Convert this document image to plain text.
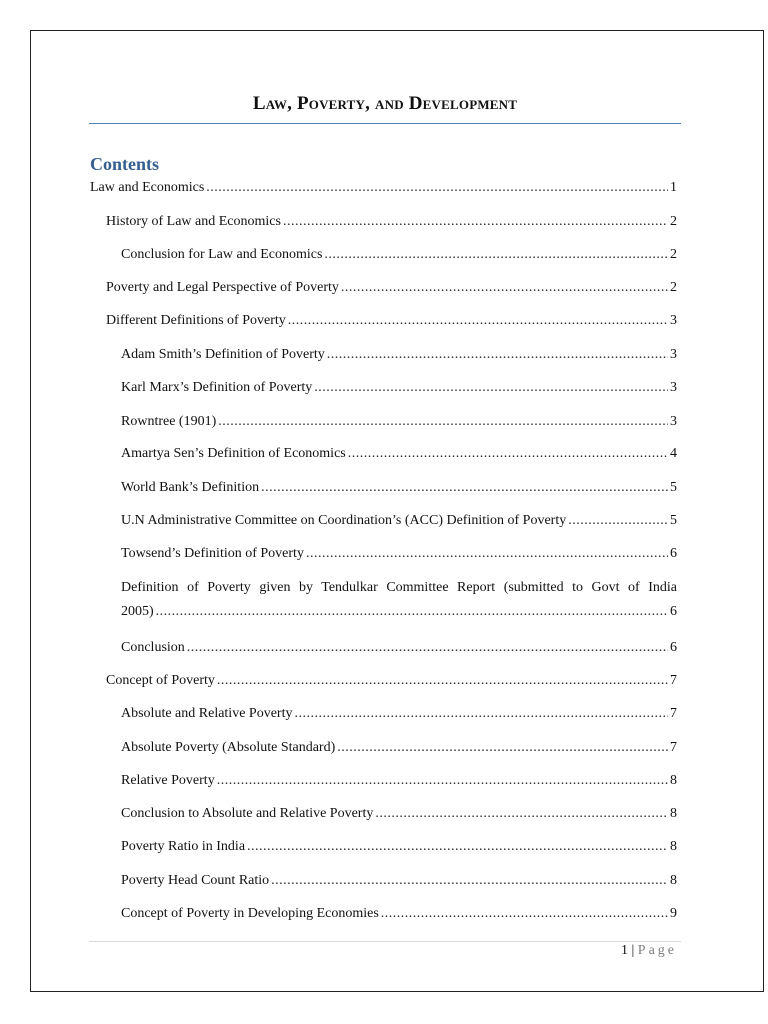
Law, Poverty, and Development
Contents
Law and Economics .....	1
History of Law and Economics .....	2
Conclusion for Law and Economics .....	2
Poverty and Legal Perspective of Poverty .....	2
Different Definitions of Poverty .....	3
Adam Smith’s Definition of Poverty .....	3
Karl Marx’s Definition of Poverty .....	3
Rowntree (1901) .....	3
Amartya Sen’s Definition of Economics .....	4
World Bank’s Definition .....	5
U.N Administrative Committee on Coordination’s (ACC) Definition of Poverty .....	5
Towsend’s Definition of Poverty .....	6
Definition of Poverty given by Tendulkar Committee Report (submitted to Govt of India
2005) .....	6
Conclusion .....	6
Concept of Poverty .....	7
Absolute and Relative Poverty .....	7
Absolute Poverty (Absolute Standard) .....	7
Relative Poverty .....	8
Conclusion to Absolute and Relative Poverty .....	8
Poverty Ratio in India .....	8
Poverty Head Count Ratio .....	8
Concept of Poverty in Developing Economies .....	9
1 | Page
